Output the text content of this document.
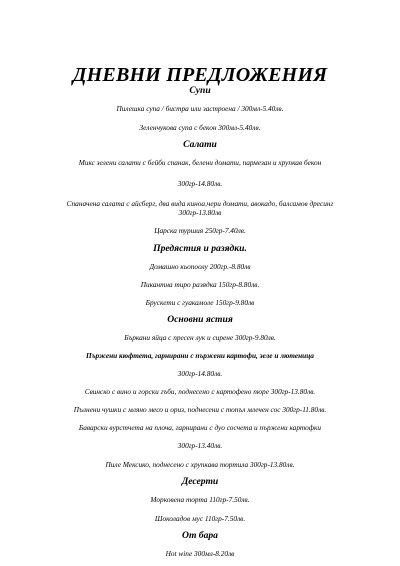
ДНЕВНИ ПРЕДЛОЖЕНИЯ
Супи
Пилешка супа / бистра или застроена / 300мл-5.40лв.
Зеленчукова супа с бекон 300мл-5.40лв.
Салати
Микс зелени салати с бейби спанак, белени домати, пармезан и хрупкав бекон
300гр-14.80лв.
Спаначена салата с айсберг, два вида киноа,чери домати, авокадо, балсамов дресинг
300гр-13.80лв
Царска туршия 250гр-7.40лв.
Предястия и разядки.
Домашно кьопоолу 200гр.-8.80лв
Пикантна тиро разядка 150гр-8.80лв.
Брускети с гуакамоле 150гр-9.80лв
Основни ястия
Бъркани яйца с пресен лук и сирене 300гр-9.80лв.
Пържени кюфтета, гарнирани с пържени картофи, зеле и лютеница
300гр-14.80лв.
Свинско с вино и горски гъби, поднесено с картофено пюре 300гр-13.80лв.
Пълнени чушки с мляно месо и ориз, поднесени с топъл млечен сос 300гр-11.80лв.
Баварски вурстчета на плоча, гарнирани с дуо сосчета и пържени картофки
300гр-13.40лв.
Пиле Мексико, поднесено с хрупкава тортила 300гр-13.80лв.
Десерти
Морковена торта 110гр-7.50лв.
Шоколадов мус 110гр-7.50лв.
От бара
Hot wine 300мл-8.20лв
